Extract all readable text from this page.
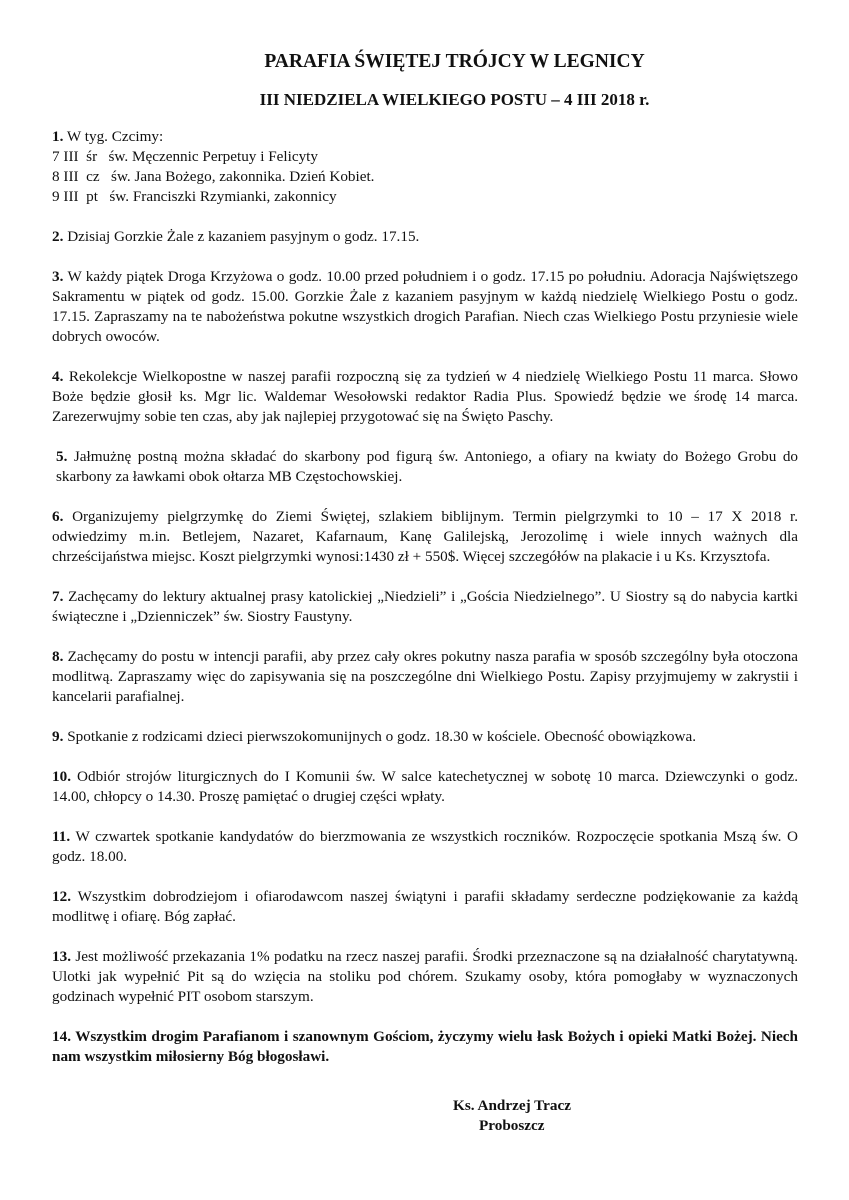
PARAFIA ŚWIĘTEJ TRÓJCY W LEGNICY
III NIEDZIELA WIELKIEGO POSTU – 4 III 2018 r.

1. W tyg. Czcimy:
7 III  śr   św. Męczennic Perpetuy i Felicyty
8 III  cz   św. Jana Bożego, zakonnika. Dzień Kobiet.
9 III  pt   św. Franciszki Rzymianki, zakonnicy

2. Dzisiaj Gorzkie Żale z kazaniem pasyjnym o godz. 17.15.

3. W każdy piątek Droga Krzyżowa o godz. 10.00 przed południem i o godz. 17.15 po południu. Adoracja Najświętszego Sakramentu w piątek od godz. 15.00. Gorzkie Żale z kazaniem pasyjnym w każdą niedzielę Wielkiego Postu o godz. 17.15. Zapraszamy na te nabożeństwa pokutne wszystkich drogich Parafian. Niech czas Wielkiego Postu przyniesie wiele dobrych owoców.

4. Rekolekcje Wielkopostne w naszej parafii rozpoczną się za tydzień w 4 niedzielę Wielkiego Postu 11 marca. Słowo Boże będzie głosił ks. Mgr lic. Waldemar Wesołowski redaktor Radia Plus. Spowiedź będzie we środę 14 marca. Zarezerwujmy sobie ten czas, aby jak najlepiej przygotować się na Święto Paschy.

5. Jałmużnę postną można składać do skarbony pod figurą św. Antoniego, a ofiary na kwiaty do Bożego Grobu do skarbony za ławkami obok ołtarza MB Częstochowskiej.

6. Organizujemy pielgrzymkę do Ziemi Świętej, szlakiem biblijnym. Termin pielgrzymki to 10 – 17 X 2018 r. odwiedzimy m.in. Betlejem, Nazaret, Kafarnaum, Kanę Galilejską, Jerozolimę i wiele innych ważnych dla chrześcijaństwa miejsc. Koszt pielgrzymki wynosi:1430 zł + 550$. Więcej szczegółów na plakacie i u Ks. Krzysztofa.

7. Zachęcamy do lektury aktualnej prasy katolickiej „Niedzieli” i „Gościa Niedzielnego”. U Siostry są do nabycia kartki świąteczne i „Dzienniczek” św. Siostry Faustyny.

8. Zachęcamy do postu w intencji parafii, aby przez cały okres pokutny nasza parafia w sposób szczególny była otoczona modlitwą. Zapraszamy więc do zapisywania się na poszczególne dni Wielkiego Postu. Zapisy przyjmujemy w zakrystii i kancelarii parafialnej.

9. Spotkanie z rodzicami dzieci pierwszokomunijnych o godz. 18.30 w kościele. Obecność obowiązkowa.

10. Odbiór strojów liturgicznych do I Komunii św. W salce katechetycznej w sobotę 10 marca. Dziewczynki o godz. 14.00, chłopcy o 14.30. Proszę pamiętać o drugiej części wpłaty.

11. W czwartek spotkanie kandydatów do bierzmowania ze wszystkich roczników. Rozpoczęcie spotkania Mszą św. O godz. 18.00.

12. Wszystkim dobrodziejom i ofiarodawcom naszej świątyni i parafii składamy serdeczne podziękowanie za każdą modlitwę i ofiarę. Bóg zapłać.

13. Jest możliwość przekazania 1% podatku na rzecz naszej parafii. Środki przeznaczone są na działalność charytatywną. Ulotki jak wypełnić Pit są do wzięcia na stoliku pod chórem. Szukamy osoby, która pomogłaby w wyznaczonych godzinach wypełnić PIT osobom starszym.

14. Wszystkim drogim Parafianom i szanownym Gościom, życzymy wielu łask Bożych i opieki Matki Bożej. Niech nam wszystkim miłosierny Bóg błogosławi.

Ks. Andrzej Tracz
Proboszcz
